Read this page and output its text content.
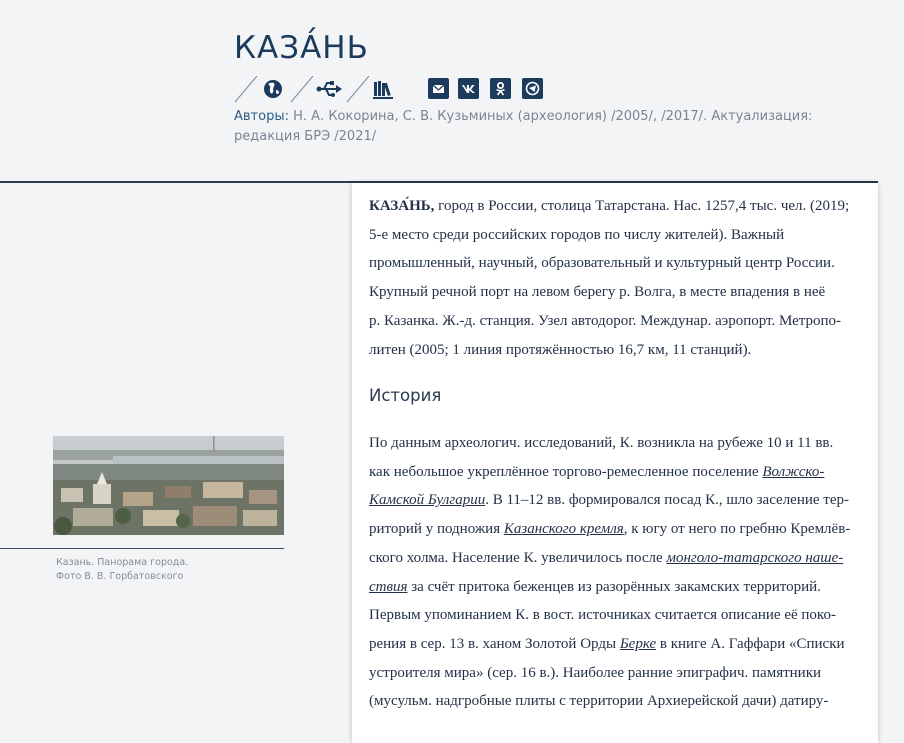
КАЗА́НЬ
Авторы: Н. А. Кокорина, С. В. Кузьминых (археология) /2005/, /2017/. Актуализация: редакция БРЭ /2021/
Казань. Панорама города.
Фото В. В. Горбатовского
КАЗА́НЬ, город в России, столица Татарстана. Нас. 1257,4 тыс. чел. (2019;
5-е место среди российских городов по числу жителей). Важный
промышленный, научный, образовательный и культурный центр России.
Крупный речной порт на левом берегу р. Волга, в месте впадения в неё
р. Казанка. Ж.-д. станция. Узел автодорог. Междунар. аэропорт. Метропо-
литен (2005; 1 линия протяжённостью 16,7 км, 11 станций).
История
По данным археологич. исследований, К. возникла на рубеже 10 и 11 вв.
как небольшое укреплённое торгово-ремесленное поселение Волжско-
Камской Булгарии. В 11–12 вв. формировался посад К., шло заселение тер-
риторий у подножия Казанского кремля, к югу от него по гребню Кремлёв-
ского холма. Население К. увеличилось после монголо-татарского наше-
ствия за счёт притока беженцев из разорённых закамских территорий.
Первым упоминанием К. в вост. источниках считается описание её поко-
рения в сер. 13 в. ханом Золотой Орды Берке в книге А. Гаффари «Списки
устроителя мира» (сер. 16 в.). Наиболее ранние эпиграфич. памятники
(мусульм. надгробные плиты с территории Архиерейской дачи) датиру-
